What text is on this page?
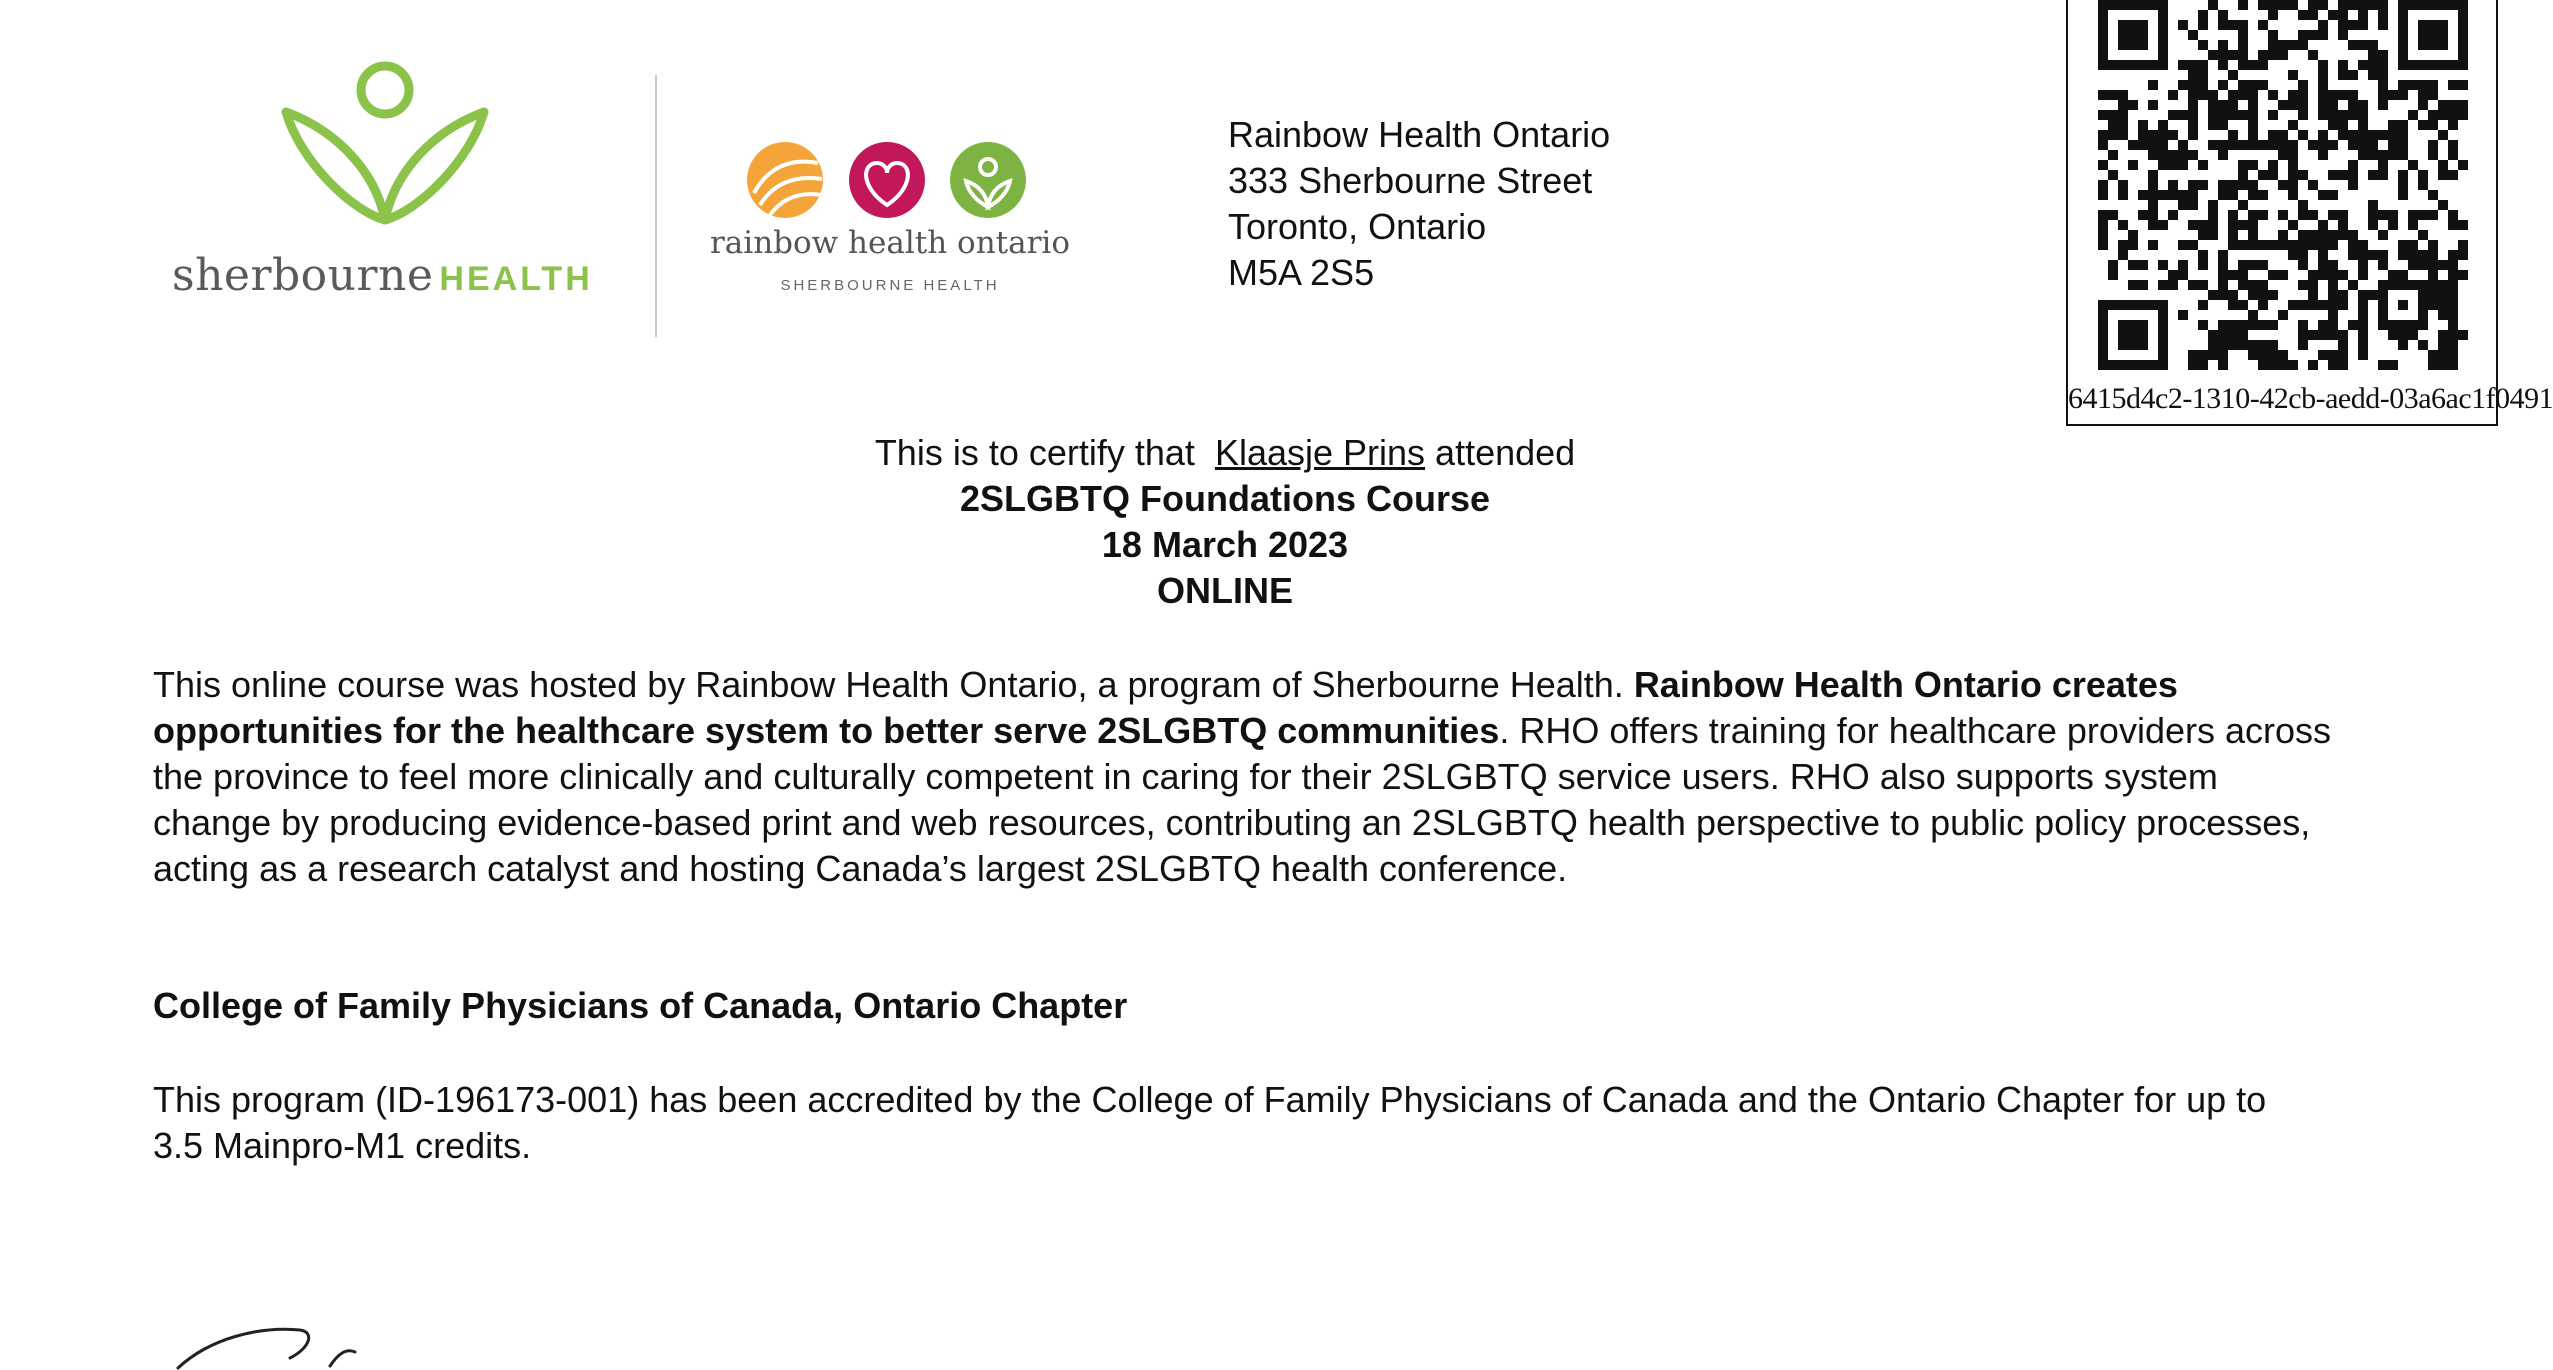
sherbourne HEALTH
rainbow health ontario
SHERBOURNE HEALTH
Rainbow Health Ontario
333 Sherbourne Street
Toronto, Ontario
M5A 2S5
6415d4c2-1310-42cb-aedd-03a6ac1f0491
This is to certify that Klaasje Prins attended
2SLGBTQ Foundations Course
18 March 2023
ONLINE
This online course was hosted by Rainbow Health Ontario, a program of Sherbourne Health. Rainbow Health Ontario creates opportunities for the healthcare system to better serve 2SLGBTQ communities. RHO offers training for healthcare providers across the province to feel more clinically and culturally competent in caring for their 2SLGBTQ service users. RHO also supports system change by producing evidence-based print and web resources, contributing an 2SLGBTQ health perspective to public policy processes, acting as a research catalyst and hosting Canada’s largest 2SLGBTQ health conference.
College of Family Physicians of Canada, Ontario Chapter
This program (ID-196173-001) has been accredited by the College of Family Physicians of Canada and the Ontario Chapter for up to 3.5 Mainpro-M1 credits.
